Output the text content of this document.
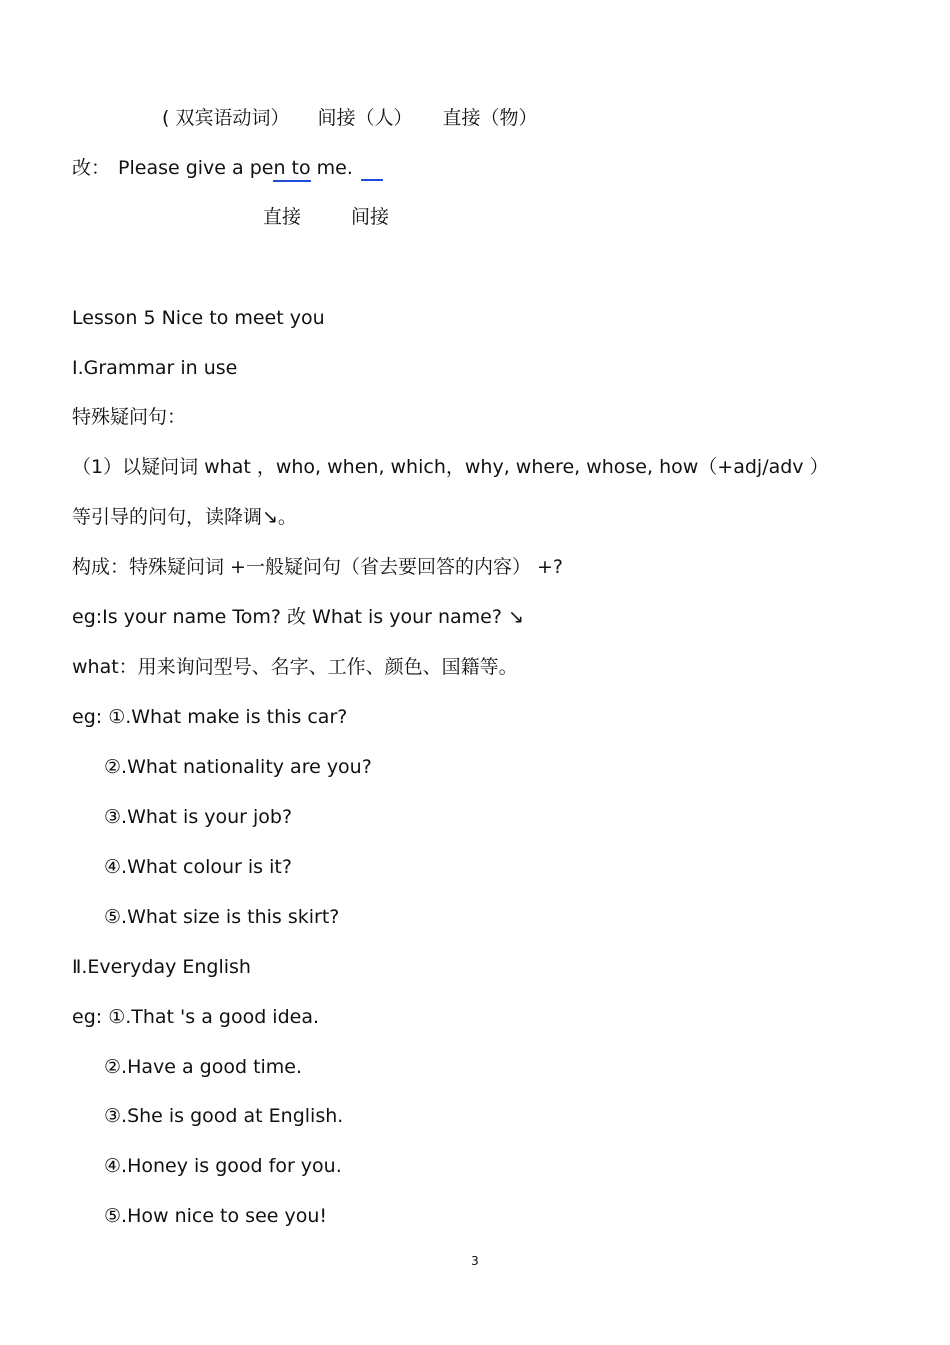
( 双宾语动词） 间接（人） 直接（物）
改： Please give a pen to me.
直接	间接
Lesson 5 Nice to meet you
Ⅰ.Grammar in use
特殊疑问句：
（1）以疑问词 what ，who, when, which，why, where, whose, how（+adj/adv ）
等引导的问句，读降调↘。
构成：特殊疑问词 +一般疑问句（省去要回答的内容） +?
eg:Is your name Tom? 改 What is your name? ↘
what：用来询问型号、名字、工作、颜色、国籍等。
eg: ①.What make is this car?
②.What nationality are you?
③.What is your job?
④.What colour is it?
⑤.What size is this skirt?
Ⅱ.Everyday English
eg: ①.That 's a good idea.
②.Have a good time.
③.She is good at English.
④.Honey is good for you.
⑤.How nice to see you!
3
